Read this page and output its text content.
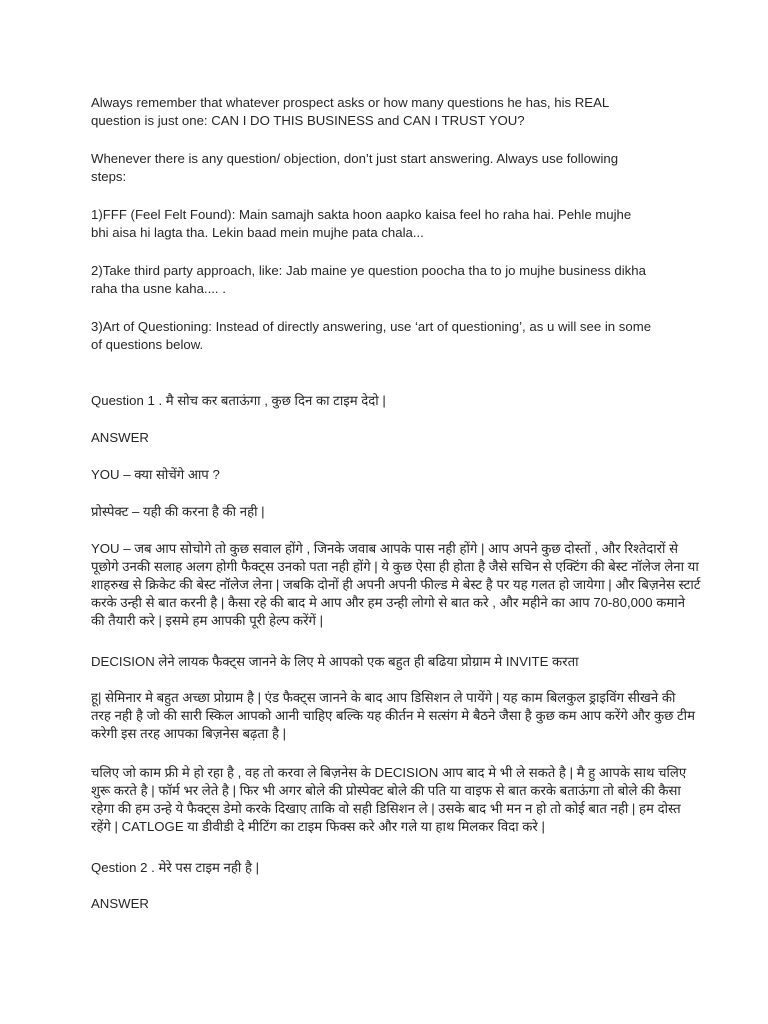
Always remember that whatever prospect asks or how many questions he has, his REAL
question is just one: CAN I DO THIS BUSINESS and CAN I TRUST YOU?
Whenever there is any question/ objection, don’t just start answering. Always use following
steps:
1)FFF (Feel Felt Found): Main samajh sakta hoon aapko kaisa feel ho raha hai. Pehle mujhe
bhi aisa hi lagta tha. Lekin baad mein mujhe pata chala...
2)Take third party approach, like: Jab maine ye question poocha tha to jo mujhe business dikha
raha tha usne kaha.... .
3)Art of Questioning: Instead of directly answering, use ‘art of questioning’, as u will see in some
of questions below.
Question 1 . मै सोच कर बताऊंगा , कुछ दिन का टाइम देदो |
ANSWER
YOU – क्या सोचेंगे आप ?
प्रोस्पेक्ट – यही की करना है की नही |
YOU – जब आप सोचोगे तो कुछ सवाल होंगे , जिनके जवाब आपके पास नही होंगे | आप अपने कुछ दोस्तों , और रिश्तेदारों से
पूछोगे उनकी सलाह अलग होगी फैक्ट्स उनको पता नही होंगे | ये कुछ ऐसा ही होता है जैसे सचिन से एक्टिंग की बेस्ट नॉलेज लेना या
शाहरुख से क्रिकेट की बेस्ट नॉलेज लेना | जबकि दोनों ही अपनी अपनी फील्ड मे बेस्ट है पर यह गलत हो जायेगा | और बिज़नेस स्टार्ट
करके उन्ही से बात करनी है | कैसा रहे की बाद मे आप और हम उन्ही लोगो से बात करे , और महीने का आप 70-80,000 कमाने
की तैयारी करे | इसमे हम आपकी पूरी हेल्प करेंगें |
DECISION लेने लायक फैक्ट्स जानने के लिए मे आपको एक बहुत ही बढिया प्रोग्राम मे INVITE करता
हू| सेमिनार मे बहुत अच्छा प्रोग्राम है | एंड फैक्ट्स जानने के बाद आप डिसिशन ले पायेंगे | यह काम बिलकुल ड्राइविंग सीखने की
तरह नही है जो की सारी स्किल आपको आनी चाहिए बल्कि यह कीर्तन मे सत्संग मे बैठने जैसा है कुछ कम आप करेंगे और कुछ टीम
करेगी इस तरह आपका बिज़नेस बढ़ता है |
चलिए जो काम फ्री मे हो रहा है , वह तो करवा ले बिज़नेस के DECISION आप बाद मे भी ले सकते है | मै हु आपके साथ चलिए
शुरू करते है | फॉर्म भर लेते है | फिर भी अगर बोले की प्रोस्पेक्ट बोले की पति या वाइफ से बात करके बताऊंगा तो बोले की कैसा
रहेगा की हम उन्हे ये फैक्ट्स डेमो करके दिखाए ताकि वो सही डिसिशन ले | उसके बाद भी मन न हो तो कोई बात नही | हम दोस्त
रहेंगे | CATLOGE या डीवीडी दे मीटिंग का टाइम फिक्स करे और गले या हाथ मिलकर विदा करे |
Qestion 2 . मेरे पस टाइम नही है |
ANSWER
